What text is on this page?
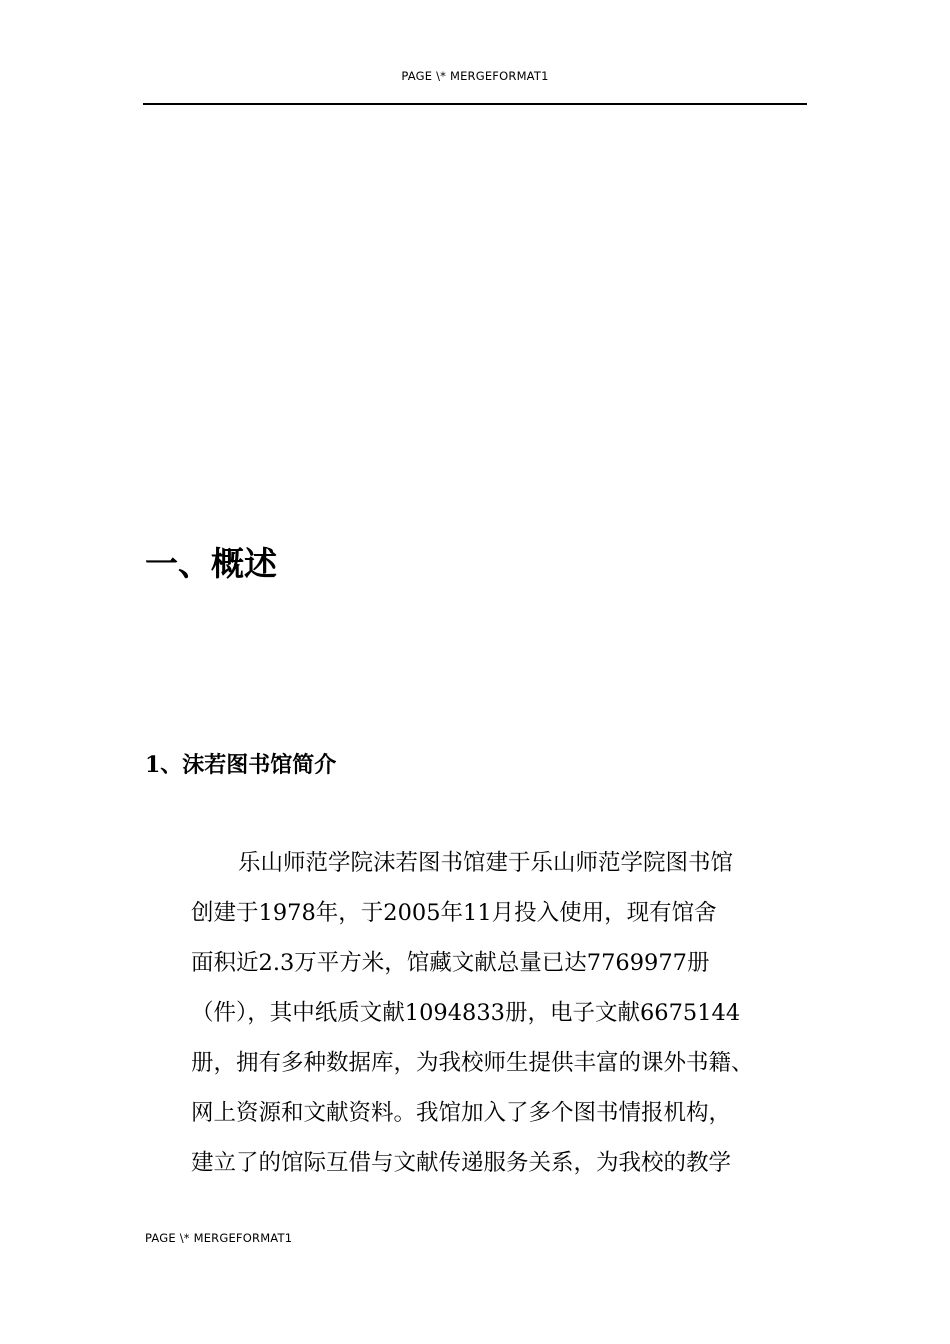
PAGE \* MERGEFORMAT1
一、概述
1、沫若图书馆简介
乐山师范学院沫若图书馆建于乐山师范学院图书馆
创建于1978年，于2005年11月投入使用，现有馆舍
面积近2.3万平方米，馆藏文献总量已达7769977册
（件），其中纸质文献1094833册，电子文献6675144
册，拥有多种数据库，为我校师生提供丰富的课外书籍、
网上资源和文献资料。我馆加入了多个图书情报机构，
建立了的馆际互借与文献传递服务关系，为我校的教学
PAGE \* MERGEFORMAT1
